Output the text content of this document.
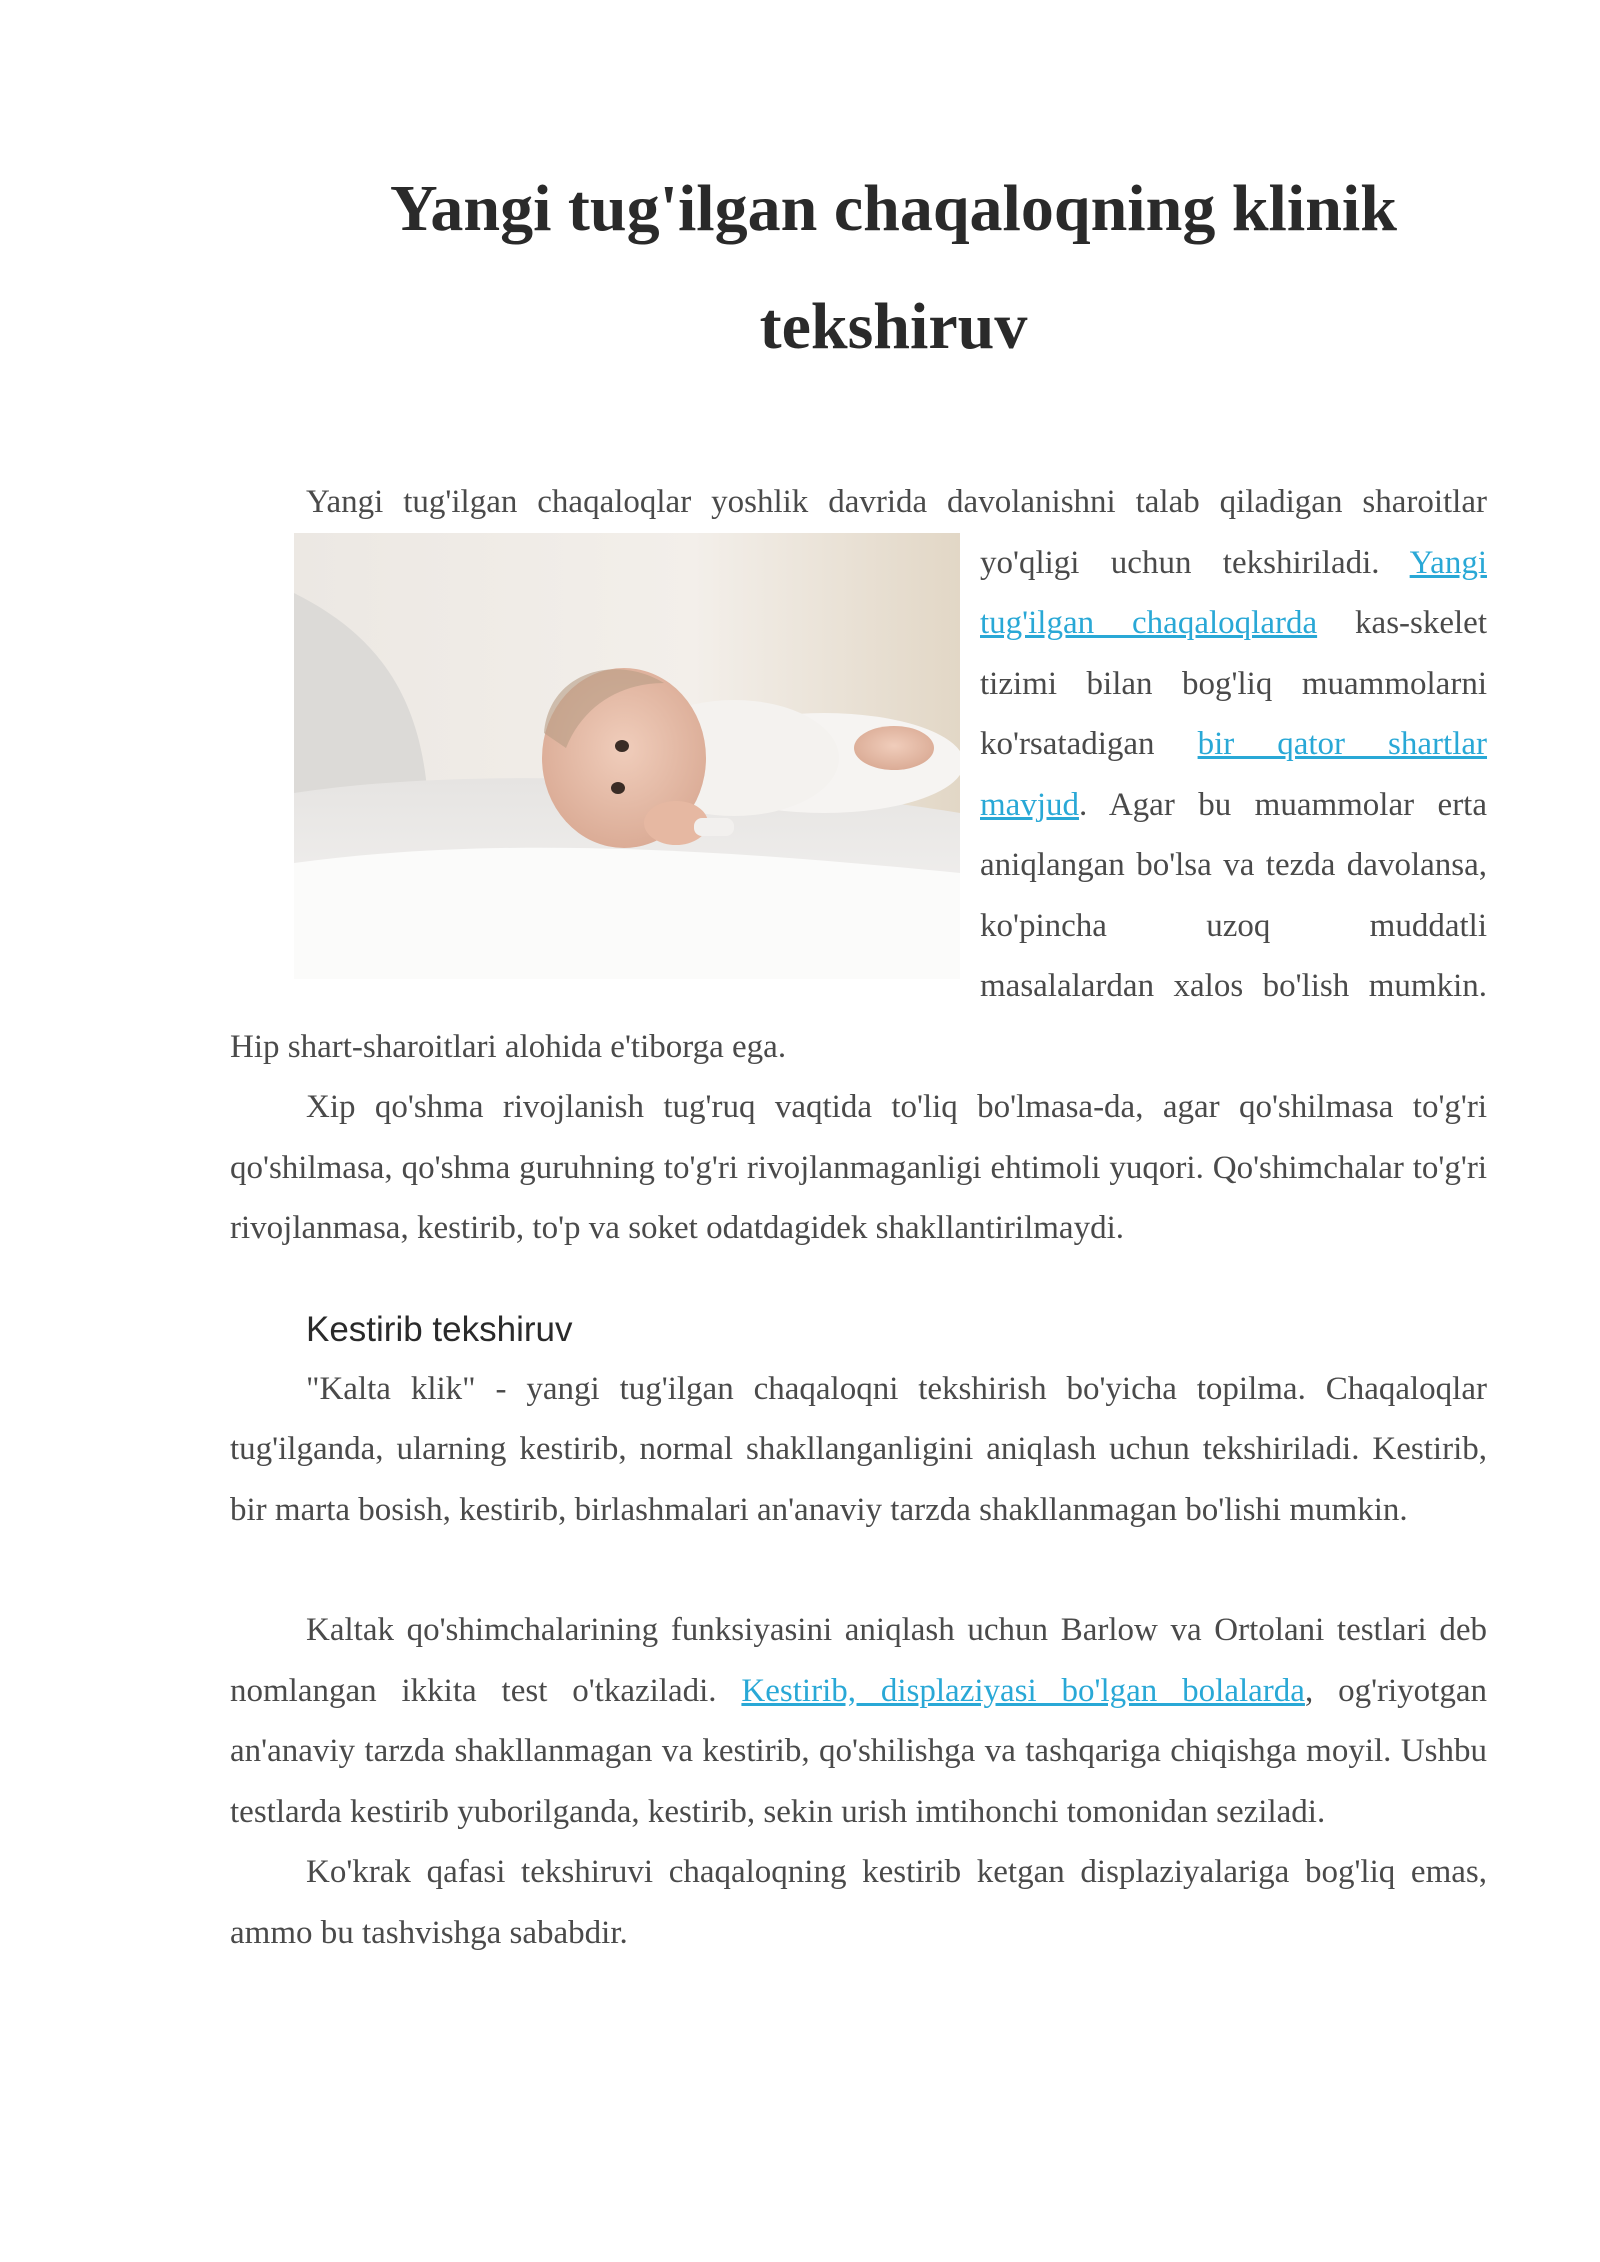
Yangi tug'ilgan chaqaloqning klinik tekshiruv

Yangi tug'ilgan chaqaloqlar yoshlik davrida davolanishni talab qiladigan sharoitlar

yo'qligi uchun tekshiriladi. Yangi tug'ilgan chaqaloqlarda kas-skelet tizimi bilan bog'liq muammolarni ko'rsatadigan bir qator shartlar mavjud. Agar bu muammolar erta aniqlangan bo'lsa va tezda davolansa, ko'pincha uzoq muddatli masalalardan xalos bo'lish mumkin. Hip shart-sharoitlari alohida e'tiborga ega.

Xip qo'shma rivojlanish tug'ruq vaqtida to'liq bo'lmasa-da, agar qo'shilmasa to'g'ri qo'shilmasa, qo'shma guruhning to'g'ri rivojlanmaganligi ehtimoli yuqori. Qo'shimchalar to'g'ri rivojlanmasa, kestirib, to'p va soket odatdagidek shakllantirilmaydi.

Kestirib tekshiruv

"Kalta klik" - yangi tug'ilgan chaqaloqni tekshirish bo'yicha topilma. Chaqaloqlar tug'ilganda, ularning kestirib, normal shakllanganligini aniqlash uchun tekshiriladi. Kestirib, bir marta bosish, kestirib, birlashmalari an'anaviy tarzda shakllanmagan bo'lishi mumkin.

Kaltak qo'shimchalarining funksiyasini aniqlash uchun Barlow va Ortolani testlari deb nomlangan ikkita test o'tkaziladi. Kestirib, displaziyasi bo'lgan bolalarda, og'riyotgan an'anaviy tarzda shakllanmagan va kestirib, qo'shilishga va tashqariga chiqishga moyil. Ushbu testlarda kestirib yuborilganda, kestirib, sekin urish imtihonchi tomonidan seziladi.

Ko'krak qafasi tekshiruvi chaqaloqning kestirib ketgan displaziyalariga bog'liq emas, ammo bu tashvishga sababdir.
